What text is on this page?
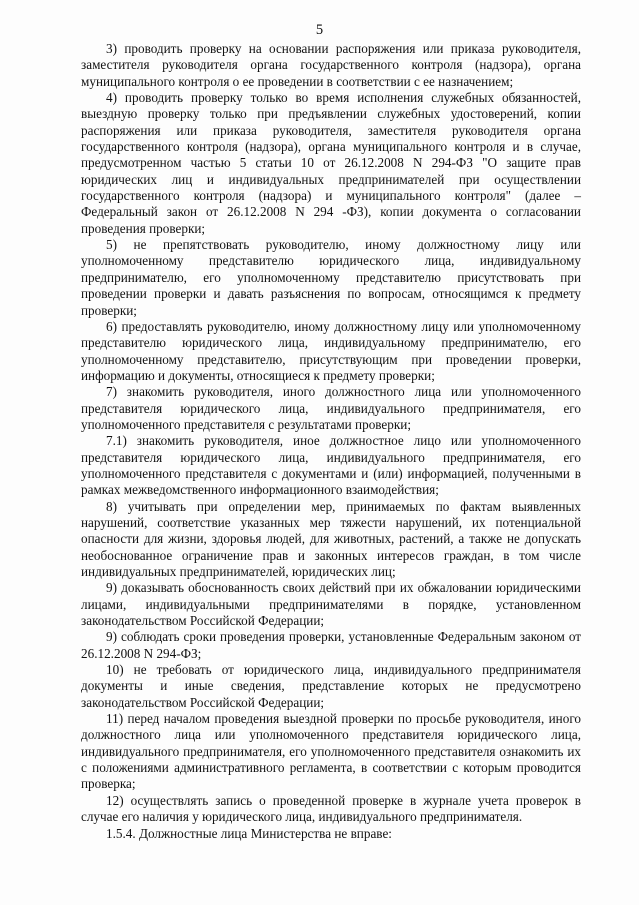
5

3) проводить проверку на основании распоряжения или приказа руководителя, заместителя руководителя органа государственного контроля (надзора), органа муниципального контроля о ее проведении в соответствии с ее назначением;

4) проводить проверку только во время исполнения служебных обязанностей, выездную проверку только при предъявлении служебных удостоверений, копии распоряжения или приказа руководителя, заместителя руководителя органа государственного контроля (надзора), органа муниципального контроля и в случае, предусмотренном частью 5 статьи 10 от 26.12.2008 N 294-ФЗ "О защите прав юридических лиц и индивидуальных предпринимателей при осуществлении государственного контроля (надзора) и муниципального контроля" (далее – Федеральный закон от 26.12.2008 N 294 -ФЗ), копии документа о согласовании проведения проверки;

5) не препятствовать руководителю, иному должностному лицу или уполномоченному представителю юридического лица, индивидуальному предпринимателю, его уполномоченному представителю присутствовать при проведении проверки и давать разъяснения по вопросам, относящимся к предмету проверки;

6) предоставлять руководителю, иному должностному лицу или уполномоченному представителю юридического лица, индивидуальному предпринимателю, его уполномоченному представителю, присутствующим при проведении проверки, информацию и документы, относящиеся к предмету проверки;

7) знакомить руководителя, иного должностного лица или уполномоченного представителя юридического лица, индивидуального предпринимателя, его уполномоченного представителя с результатами проверки;

7.1) знакомить руководителя, иное должностное лицо или уполномоченного представителя юридического лица, индивидуального предпринимателя, его уполномоченного представителя с документами и (или) информацией, полученными в рамках межведомственного информационного взаимодействия;

8) учитывать при определении мер, принимаемых по фактам выявленных нарушений, соответствие указанных мер тяжести нарушений, их потенциальной опасности для жизни, здоровья людей, для животных, растений, а также не допускать необоснованное ограничение прав и законных интересов граждан, в том числе индивидуальных предпринимателей, юридических лиц;

9) доказывать обоснованность своих действий при их обжаловании юридическими лицами, индивидуальными предпринимателями в порядке, установленном законодательством Российской Федерации;

9) соблюдать сроки проведения проверки, установленные Федеральным законом от 26.12.2008 N 294-ФЗ;

10) не требовать от юридического лица, индивидуального предпринимателя документы и иные сведения, представление которых не предусмотрено законодательством Российской Федерации;

11) перед началом проведения выездной проверки по просьбе руководителя, иного должностного лица или уполномоченного представителя юридического лица, индивидуального предпринимателя, его уполномоченного представителя ознакомить их с положениями административного регламента, в соответствии с которым проводится проверка;

12) осуществлять запись о проведенной проверке в журнале учета проверок в случае его наличия у юридического лица, индивидуального предпринимателя.

1.5.4. Должностные лица Министерства не вправе:
